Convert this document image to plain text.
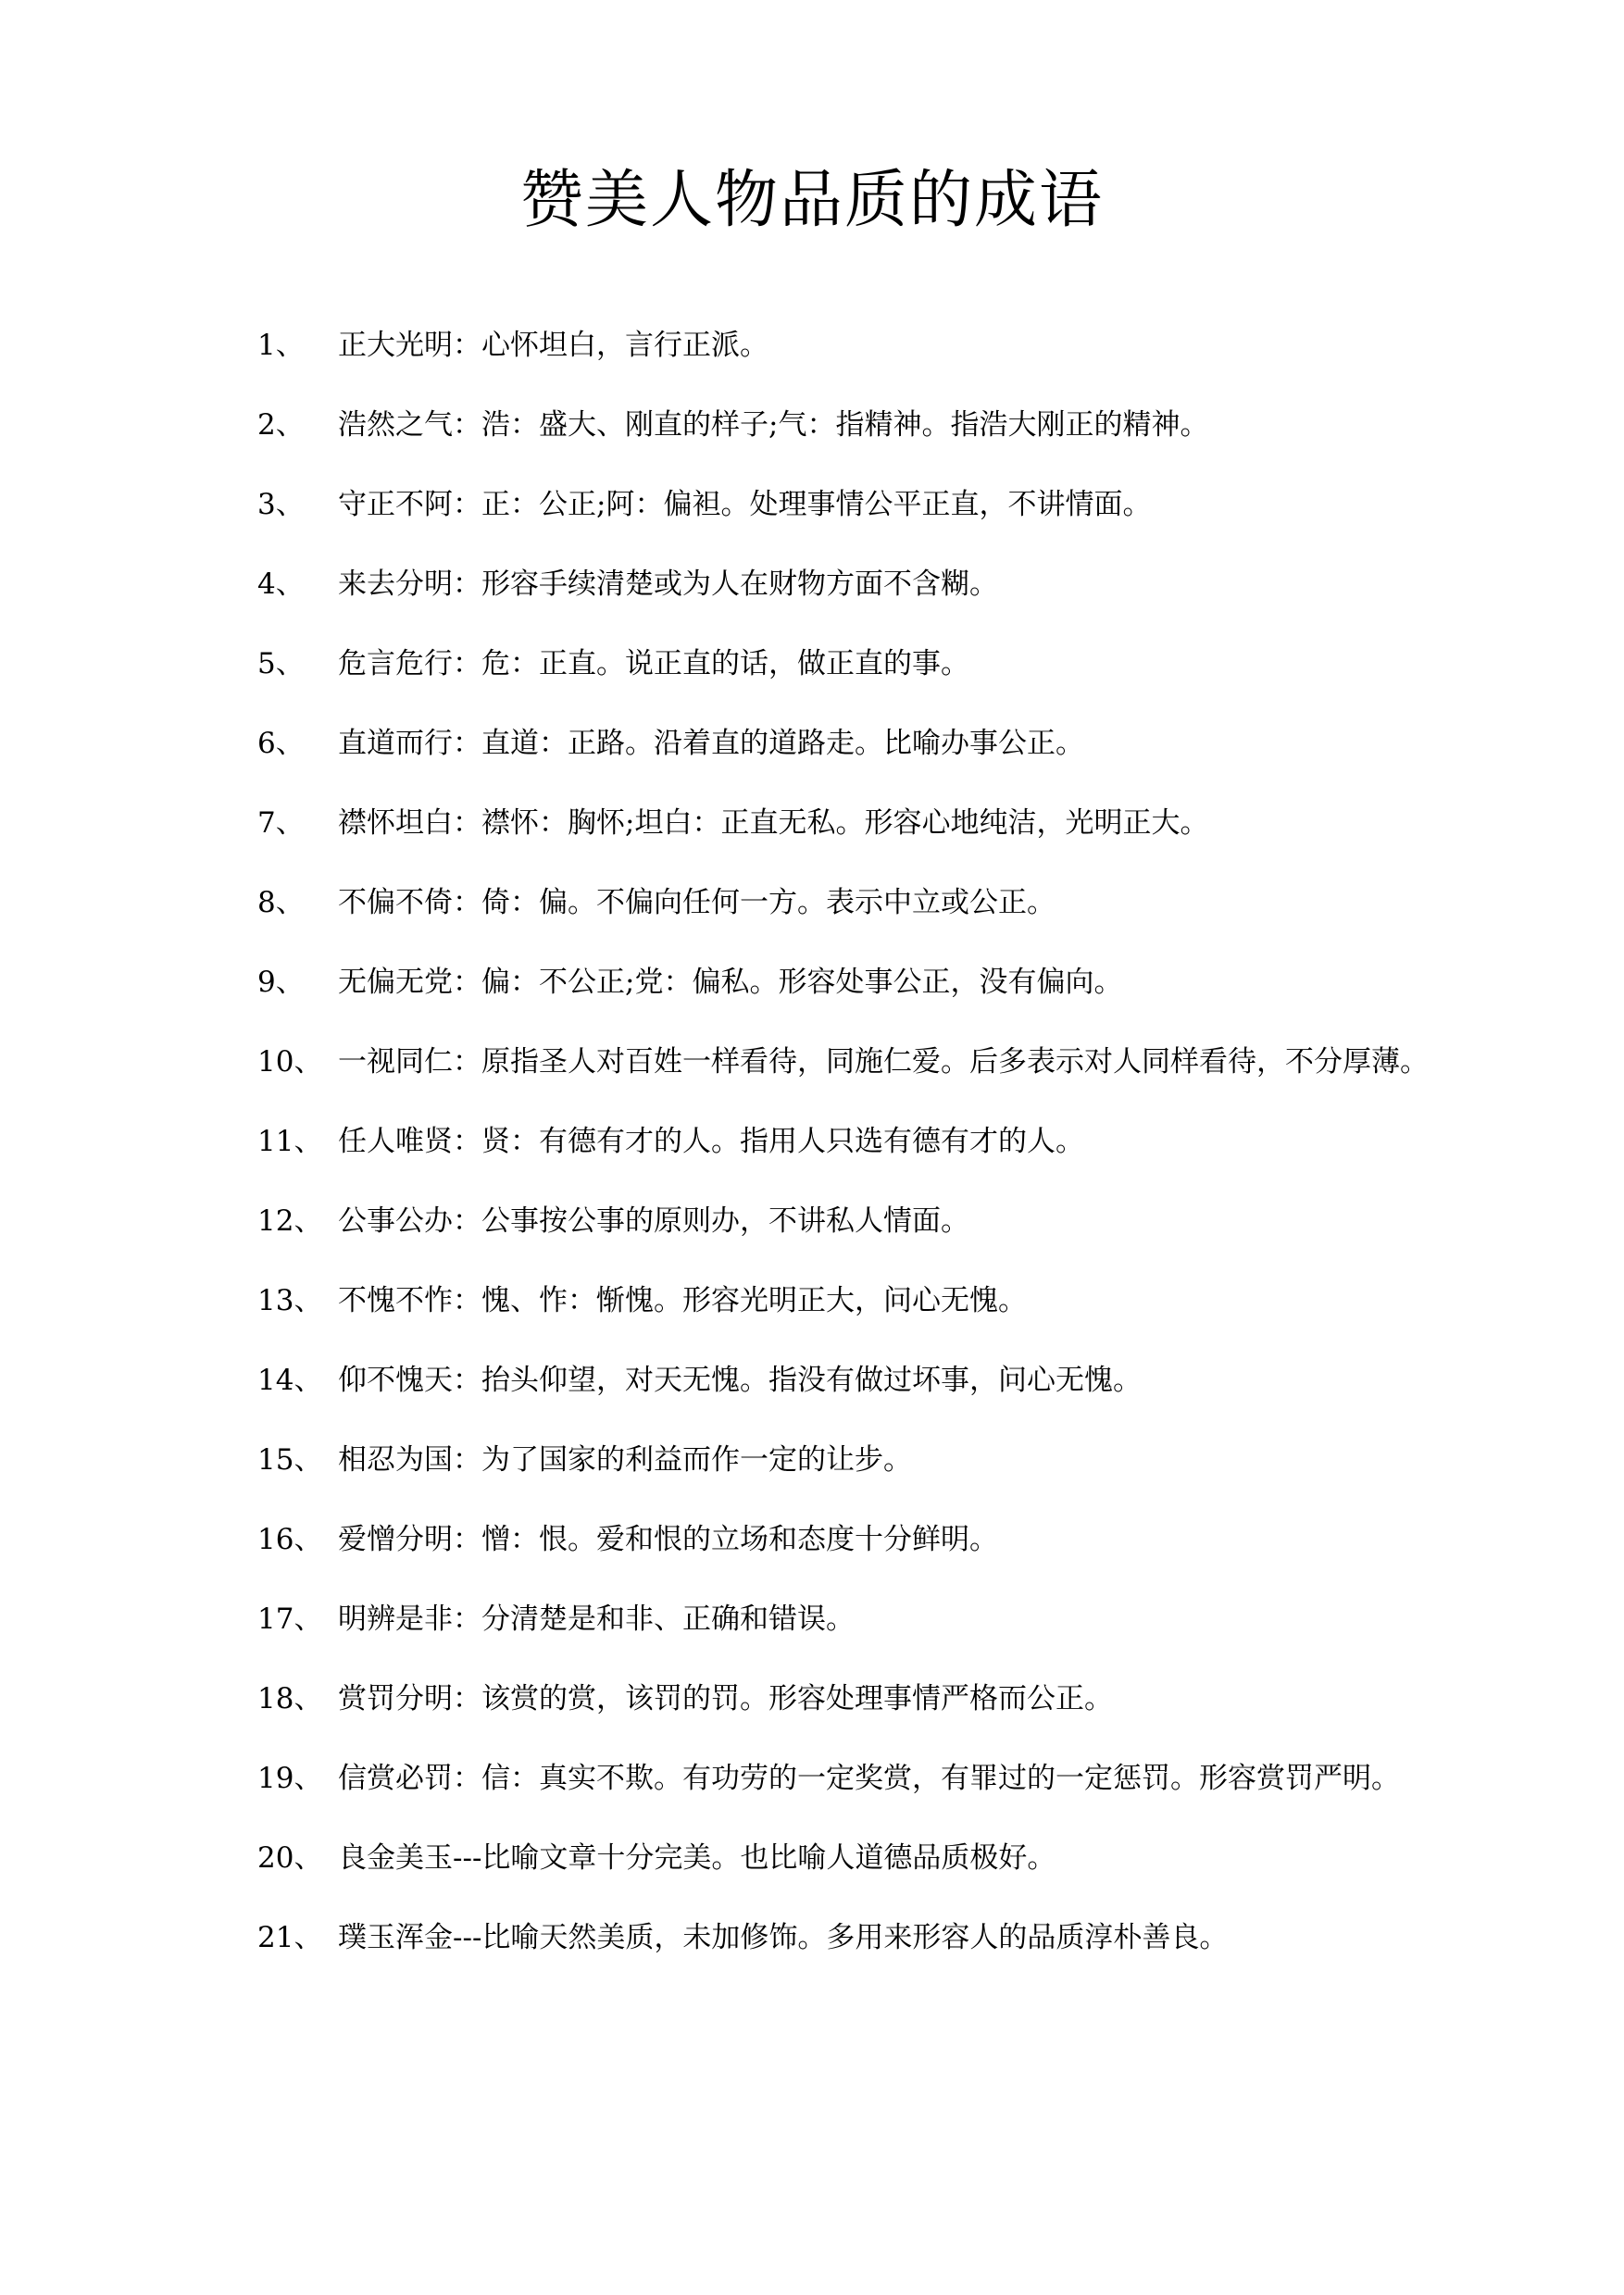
赞美人物品质的成语
1、 正大光明：心怀坦白，言行正派。
2、 浩然之气：浩：盛大、刚直的样子;气：指精神。指浩大刚正的精神。
3、 守正不阿：正：公正;阿：偏袒。处理事情公平正直，不讲情面。
4、 来去分明：形容手续清楚或为人在财物方面不含糊。
5、 危言危行：危：正直。说正直的话，做正直的事。
6、 直道而行：直道：正路。沿着直的道路走。比喻办事公正。
7、 襟怀坦白：襟怀：胸怀;坦白：正直无私。形容心地纯洁，光明正大。
8、 不偏不倚：倚：偏。不偏向任何一方。表示中立或公正。
9、 无偏无党：偏：不公正;党：偏私。形容处事公正，没有偏向。
10、 一视同仁：原指圣人对百姓一样看待，同施仁爱。后多表示对人同样看待，不分厚薄。
11、 任人唯贤：贤：有德有才的人。指用人只选有德有才的人。
12、 公事公办：公事按公事的原则办，不讲私人情面。
13、 不愧不怍：愧、怍：惭愧。形容光明正大，问心无愧。
14、 仰不愧天：抬头仰望，对天无愧。指没有做过坏事，问心无愧。
15、 相忍为国：为了国家的利益而作一定的让步。
16、 爱憎分明：憎：恨。爱和恨的立场和态度十分鲜明。
17、 明辨是非：分清楚是和非、正确和错误。
18、 赏罚分明：该赏的赏，该罚的罚。形容处理事情严格而公正。
19、 信赏必罚：信：真实不欺。有功劳的一定奖赏，有罪过的一定惩罚。形容赏罚严明。
20、 良金美玉---比喻文章十分完美。也比喻人道德品质极好。
21、 璞玉浑金---比喻天然美质，未加修饰。多用来形容人的品质淳朴善良。
